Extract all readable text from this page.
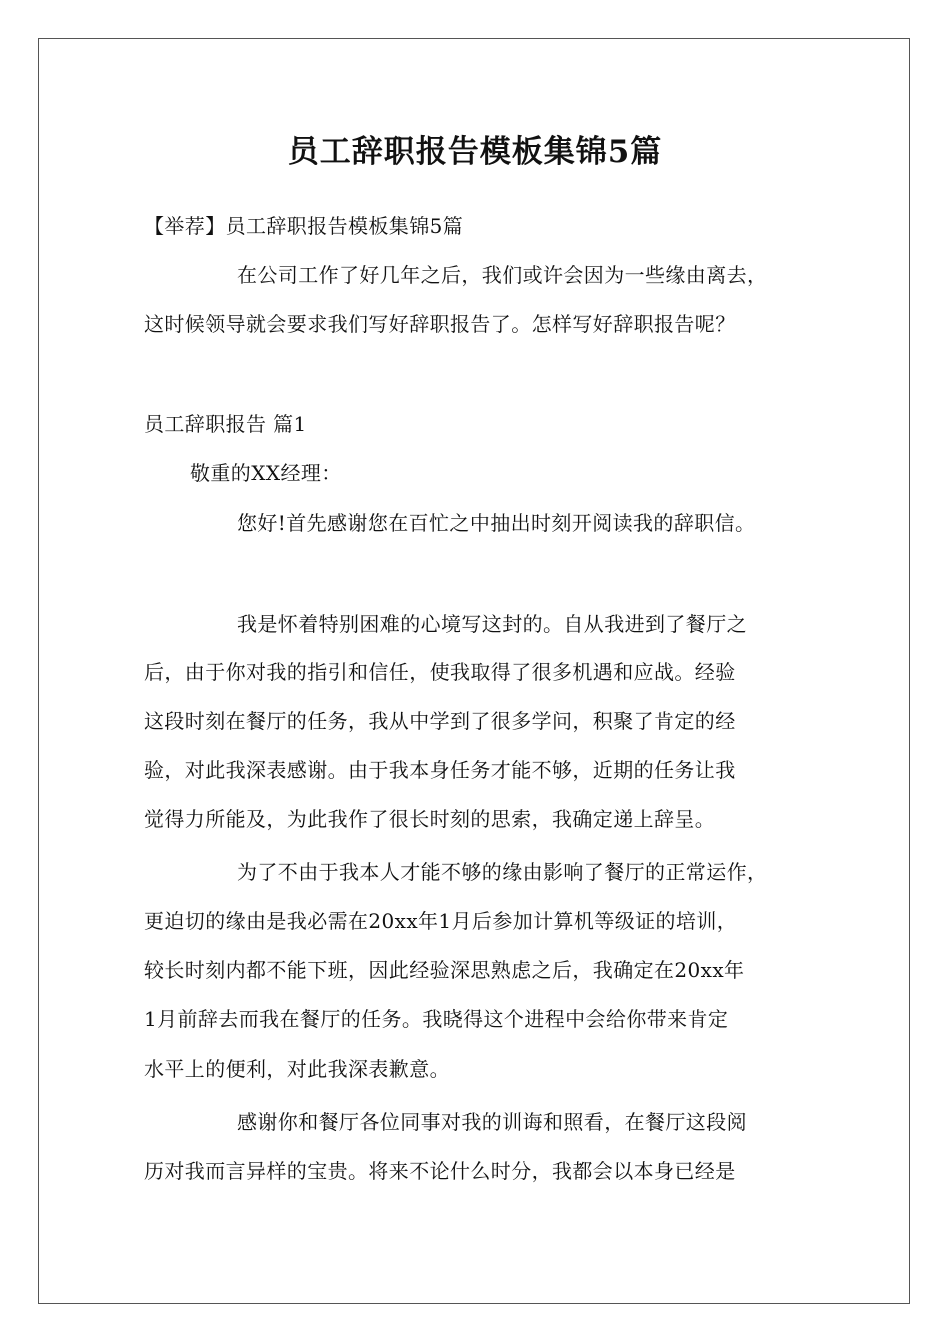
员工辞职报告模板集锦5篇
【举荐】员工辞职报告模板集锦5篇
在公司工作了好几年之后，我们或许会因为一些缘由离去，
这时候领导就会要求我们写好辞职报告了。怎样写好辞职报告呢？
员工辞职报告 篇1
敬重的XX经理：
您好!首先感谢您在百忙之中抽出时刻开阅读我的辞职信。
我是怀着特别困难的心境写这封的。自从我进到了餐厅之
后，由于你对我的指引和信任，使我取得了很多机遇和应战。经验
这段时刻在餐厅的任务，我从中学到了很多学问，积聚了肯定的经
验，对此我深表感谢。由于我本身任务才能不够，近期的任务让我
觉得力所能及，为此我作了很长时刻的思索，我确定递上辞呈。
为了不由于我本人才能不够的缘由影响了餐厅的正常运作，
更迫切的缘由是我必需在20xx年1月后参加计算机等级证的培训，
较长时刻内都不能下班，因此经验深思熟虑之后，我确定在20xx年
1月前辞去而我在餐厅的任务。我晓得这个进程中会给你带来肯定
水平上的便利，对此我深表歉意。
感谢你和餐厅各位同事对我的训诲和照看，在餐厅这段阅
历对我而言异样的宝贵。将来不论什么时分，我都会以本身已经是
